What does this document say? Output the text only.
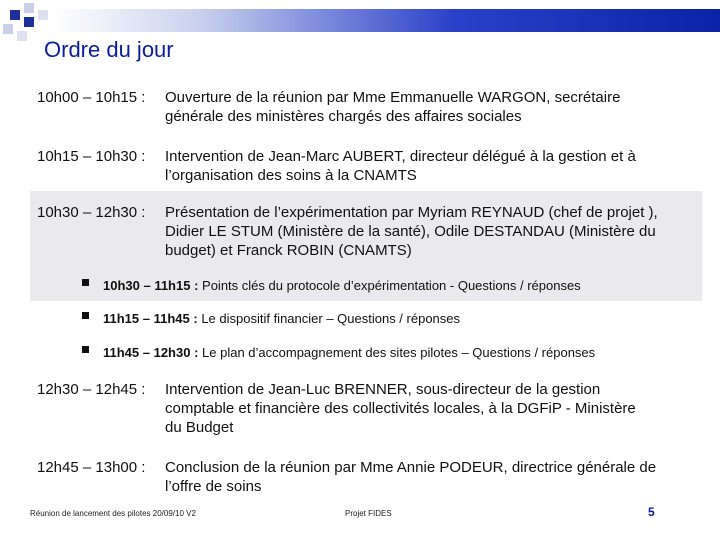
Ordre du jour
10h00 – 10h15 : Ouverture de la réunion par Mme Emmanuelle WARGON, secrétaire
générale des ministères chargés des affaires sociales
10h15 – 10h30 : Intervention de Jean-Marc AUBERT, directeur délégué à la gestion et à
l’organisation des soins à la CNAMTS
10h30 – 12h30 : Présentation de l’expérimentation par Myriam REYNAUD (chef de projet ),
Didier LE STUM (Ministère de la santé), Odile DESTANDAU (Ministère du
budget) et Franck ROBIN (CNAMTS)
10h30 – 11h15 : Points clés du protocole d’expérimentation - Questions / réponses
11h15 – 11h45 : Le dispositif financier – Questions / réponses
11h45 – 12h30 : Le plan d’accompagnement des sites pilotes – Questions / réponses
12h30 – 12h45 : Intervention de Jean-Luc BRENNER, sous-directeur de la gestion
comptable et financière des collectivités locales, à la DGFiP - Ministère
du Budget
12h45 – 13h00 : Conclusion de la réunion par Mme Annie PODEUR, directrice générale de
l’offre de soins
Réunion de lancement des pilotes 20/09/10 V2	Projet FIDES	5
